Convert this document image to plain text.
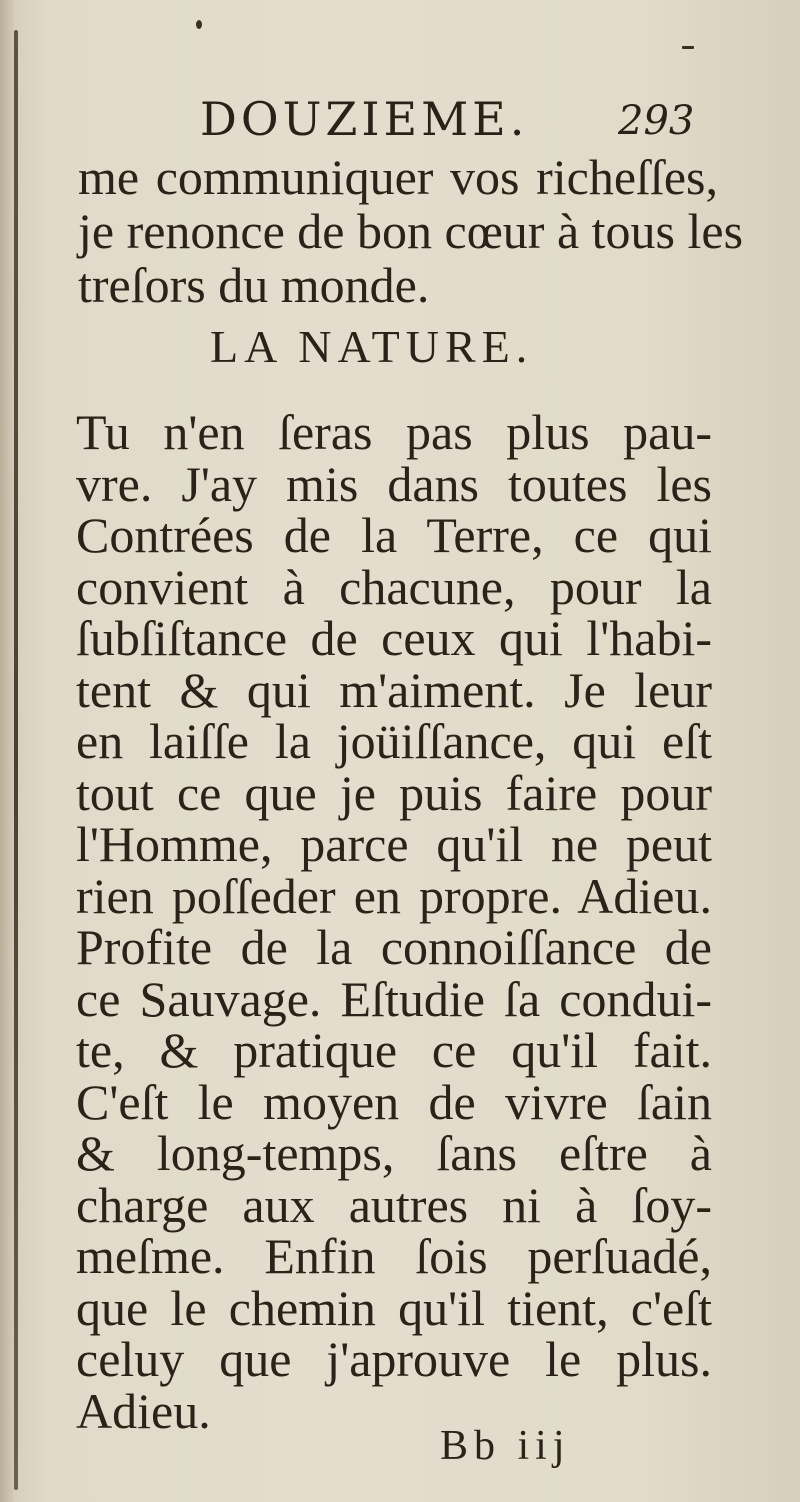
DOUZIEME. 293
me communiquer vos richeſſes,
je renonce de bon cœur à tous les
treſors du monde.
LA NATURE.
Tu n'en ſeras pas plus pau-
vre. J'ay mis dans toutes les
Contrées de la Terre, ce qui
convient à chacune, pour la
ſubſiſtance de ceux qui l'habi-
tent & qui m'aiment. Je leur
en laiſſe la joüiſſance, qui eſt
tout ce que je puis faire pour
l'Homme, parce qu'il ne peut
rien poſſeder en propre. Adieu.
Profite de la connoiſſance de
ce Sauvage. Eſtudie ſa condui-
te, & pratique ce qu'il fait.
C'eſt le moyen de vivre ſain
& long-temps, ſans eſtre à
charge aux autres ni à ſoy-
meſme. Enfin ſois perſuadé,
que le chemin qu'il tient, c'eſt
celuy que j'aprouve le plus.
Adieu.
Bb iij
